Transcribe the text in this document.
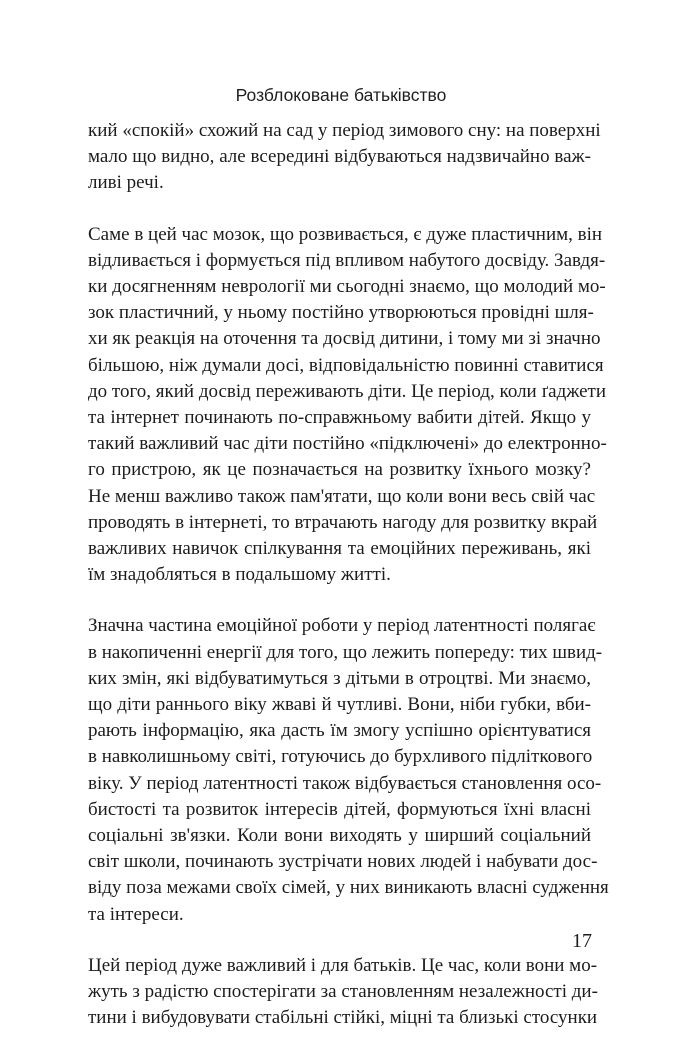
Розблоковане батьківство

кий «спокій» схожий на сад у період зимового сну: на поверхні
мало що видно, але всередині відбуваються надзвичайно важ-
ливі речі.

Саме в цей час мозок, що розвивається, є дуже пластичним, він
відливається і формується під впливом набутого досвіду. Завдя-
ки досягненням неврології ми сьогодні знаємо, що молодий мо-
зок пластичний, у ньому постійно утворюються провідні шля-
хи як реакція на оточення та досвід дитини, і тому ми зі значно
більшою, ніж думали досі, відповідальністю повинні ставитися
до того, який досвід переживають діти. Це період, коли ґаджети
та інтернет починають по-справжньому вабити дітей. Якщо у
такий важливий час діти постійно «підключені» до електронно-
го пристрою, як це позначається на розвитку їхнього мозку?
Не менш важливо також пам'ятати, що коли вони весь свій час
проводять в інтернеті, то втрачають нагоду для розвитку вкрай
важливих навичок спілкування та емоційних переживань, які
їм знадобляться в подальшому житті.

Значна частина емоційної роботи у період латентності полягає
в накопиченні енергії для того, що лежить попереду: тих швид-
ких змін, які відбуватимуться з дітьми в отроцтві. Ми знаємо,
що діти раннього віку жваві й чутливі. Вони, ніби губки, вби-
рають інформацію, яка дасть їм змогу успішно орієнтуватися
в навколишньому світі, готуючись до бурхливого підліткового
віку. У період латентності також відбувається становлення осо-
бистості та розвиток інтересів дітей, формуються їхні власні
соціальні зв'язки. Коли вони виходять у ширший соціальний
світ школи, починають зустрічати нових людей і набувати дос-
віду поза межами своїх сімей, у них виникають власні судження
та інтереси.

Цей період дуже важливий і для батьків. Це час, коли вони мо-
жуть з радістю спостерігати за становленням незалежності ди-
тини і вибудовувати стабільні стійкі, міцні та близькі стосунки

17
